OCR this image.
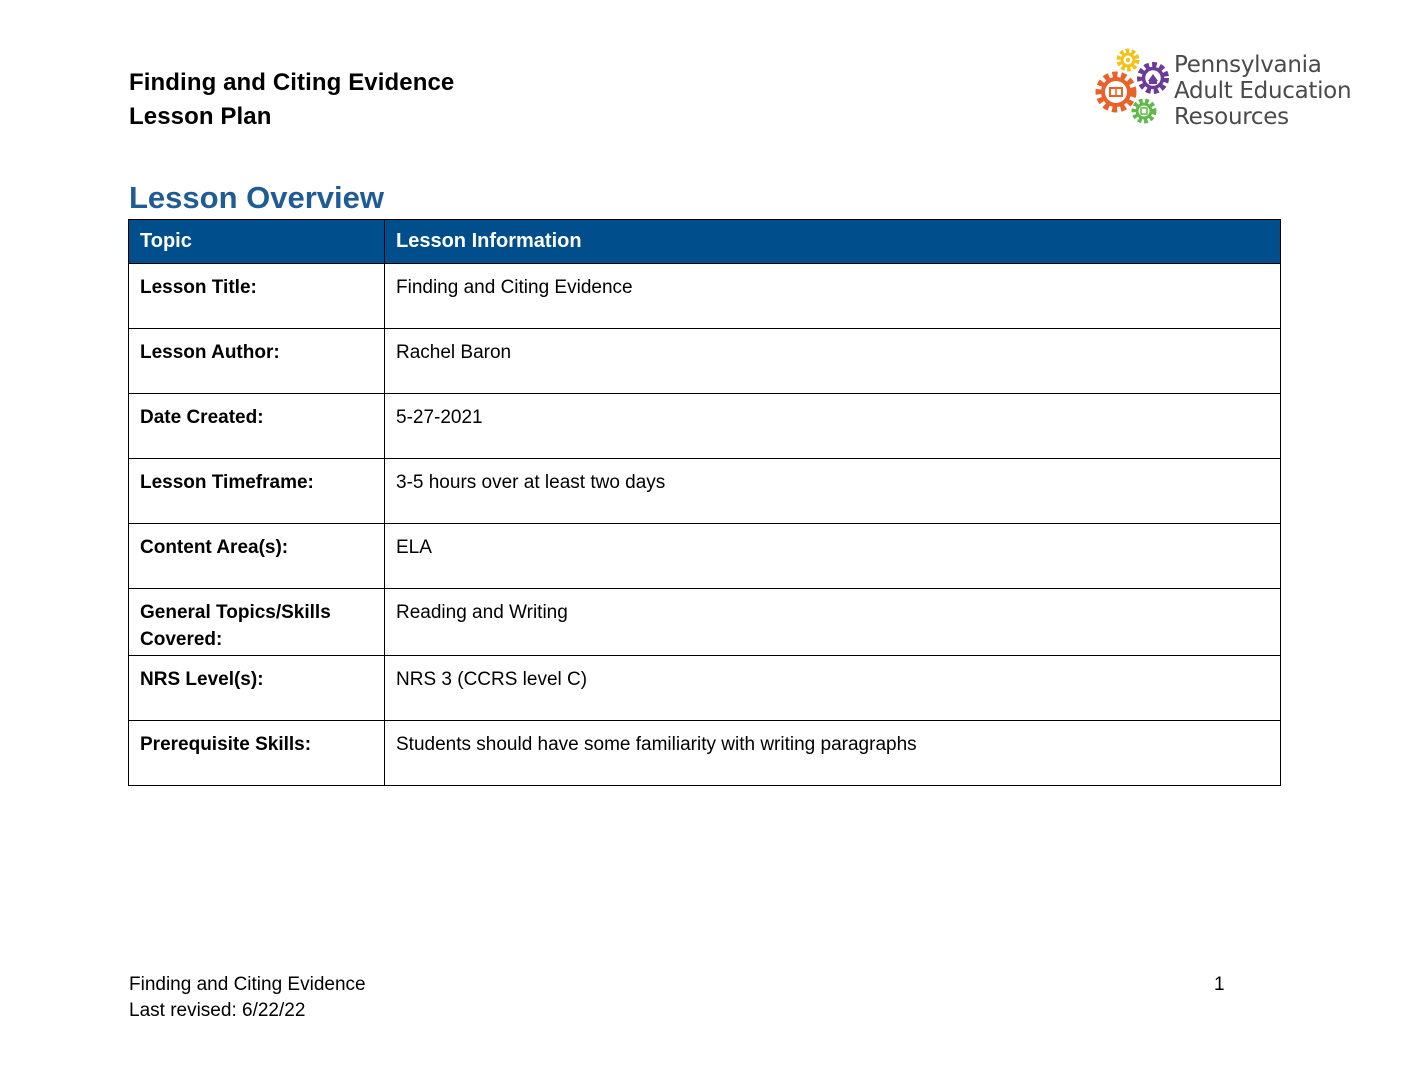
Finding and Citing Evidence
Lesson Plan
Pennsylvania
Adult Education
Resources
Lesson Overview
Topic	Lesson Information
Lesson Title:	Finding and Citing Evidence
Lesson Author:	Rachel Baron
Date Created:	5-27-2021
Lesson Timeframe:	3-5 hours over at least two days
Content Area(s):	ELA
General Topics/Skills Covered:	Reading and Writing
NRS Level(s):	NRS 3 (CCRS level C)
Prerequisite Skills:	Students should have some familiarity with writing paragraphs
Finding and Citing Evidence
Last revised: 6/22/22
1
